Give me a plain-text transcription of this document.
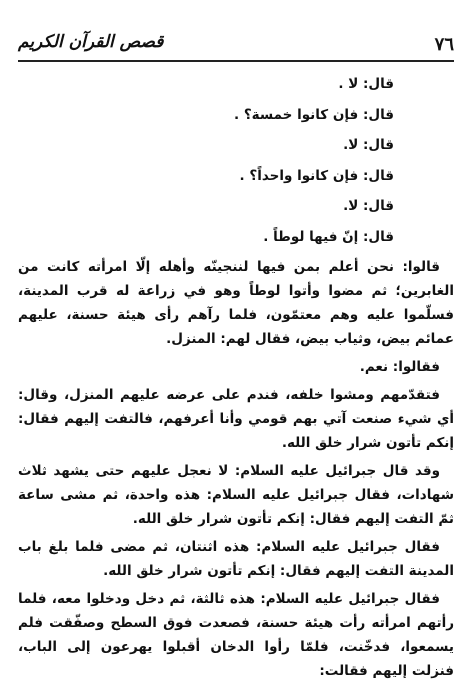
٧٦
قصص القرآن الكريم

قال: لا .

قال: فإن كانوا خمسة؟ .

قال: لا.

قال: فإن كانوا واحداً؟ .

قال: لا.

قال: إنّ فيها لوطاً .

قالوا: نحن أعلم بمن فيها لننجينّه وأهله إلّا امرأته كانت من الغابرين؛ ثم مضوا وأتوا لوطاً وهو في زراعة له قرب المدينة، فسلّموا عليه وهم معتمّون، فلما رآهم رأى هيئة حسنة، عليهم عمائم بيض، وثياب بيض، فقال لهم: المنزل.

فقالوا: نعم.

فتقدّمهم ومشوا خلفه، فندم على عرضه عليهم المنزل، وقال: أي شيء صنعت آتي بهم قومي وأنا أعرفهم، فالتفت إليهم فقال: إنكم تأتون شرار خلق الله.

وقد قال جبرائيل عليه السلام: لا نعجل عليهم حتى يشهد ثلاث شهادات، فقال جبرائيل عليه السلام: هذه واحدة، ثم مشى ساعة ثمّ التفت إليهم فقال: إنكم تأتون شرار خلق الله.

فقال جبرائيل عليه السلام: هذه اثنتان، ثم مضى فلما بلغ باب المدينة التفت إليهم فقال: إنكم تأتون شرار خلق الله.

فقال جبرائيل عليه السلام: هذه ثالثة، ثم دخل ودخلوا معه، فلما رأتهم امرأته رأت هيئة حسنة، فصعدت فوق السطح وصفّقت فلم يسمعوا، فدخّنت، فلمّا رأوا الدخان أقبلوا يهرعون إلى الباب، فنزلت إليهم فقالت:
